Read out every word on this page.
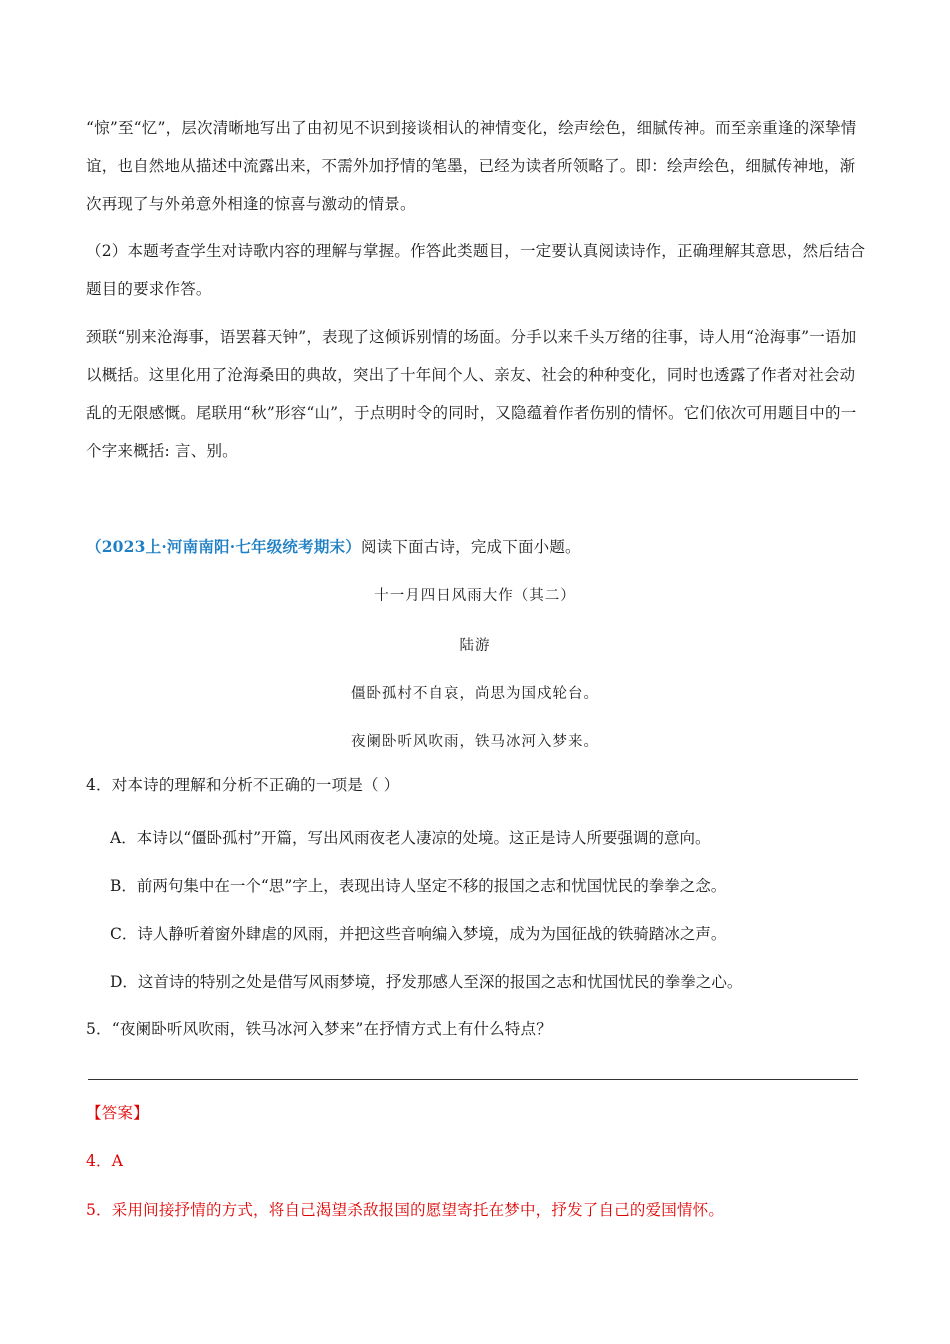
“惊”至“忆”，层次清晰地写出了由初见不识到接谈相认的神情变化，绘声绘色，细腻传神。而至亲重逢的深挚情谊，也自然地从描述中流露出来，不需外加抒情的笔墨，已经为读者所领略了。即：绘声绘色，细腻传神地，渐次再现了与外弟意外相逢的惊喜与激动的情景。
（2）本题考查学生对诗歌内容的理解与掌握。作答此类题目，一定要认真阅读诗作，正确理解其意思，然后结合题目的要求作答。
颈联“别来沧海事，语罢暮天钟”，表现了这倾诉别情的场面。分手以来千头万绪的往事，诗人用“沧海事”一语加以概括。这里化用了沧海桑田的典故，突出了十年间个人、亲友、社会的种种变化，同时也透露了作者对社会动乱的无限感慨。尾联用“秋”形容“山”，于点明时令的同时，又隐蕴着作者伤别的情怀。它们依次可用题目中的一个字来概括: 言、别。
（2023上·河南南阳·七年级统考期末）阅读下面古诗，完成下面小题。
十一月四日风雨大作（其二）
陆游
僵卧孤村不自哀，尚思为国戍轮台。
夜阑卧听风吹雨，铁马冰河入梦来。
4．对本诗的理解和分析不正确的一项是（ ）
A．本诗以“僵卧孤村”开篇，写出风雨夜老人凄凉的处境。这正是诗人所要强调的意向。
B．前两句集中在一个“思”字上，表现出诗人坚定不移的报国之志和忧国忧民的拳拳之念。
C．诗人静听着窗外肆虐的风雨，并把这些音响编入梦境，成为为国征战的铁骑踏冰之声。
D．这首诗的特别之处是借写风雨梦境，抒发那感人至深的报国之志和忧国忧民的拳拳之心。
5．“夜阑卧听风吹雨，铁马冰河入梦来”在抒情方式上有什么特点？
【答案】
4．A
5．采用间接抒情的方式，将自己渴望杀敌报国的愿望寄托在梦中，抒发了自己的爱国情怀。
